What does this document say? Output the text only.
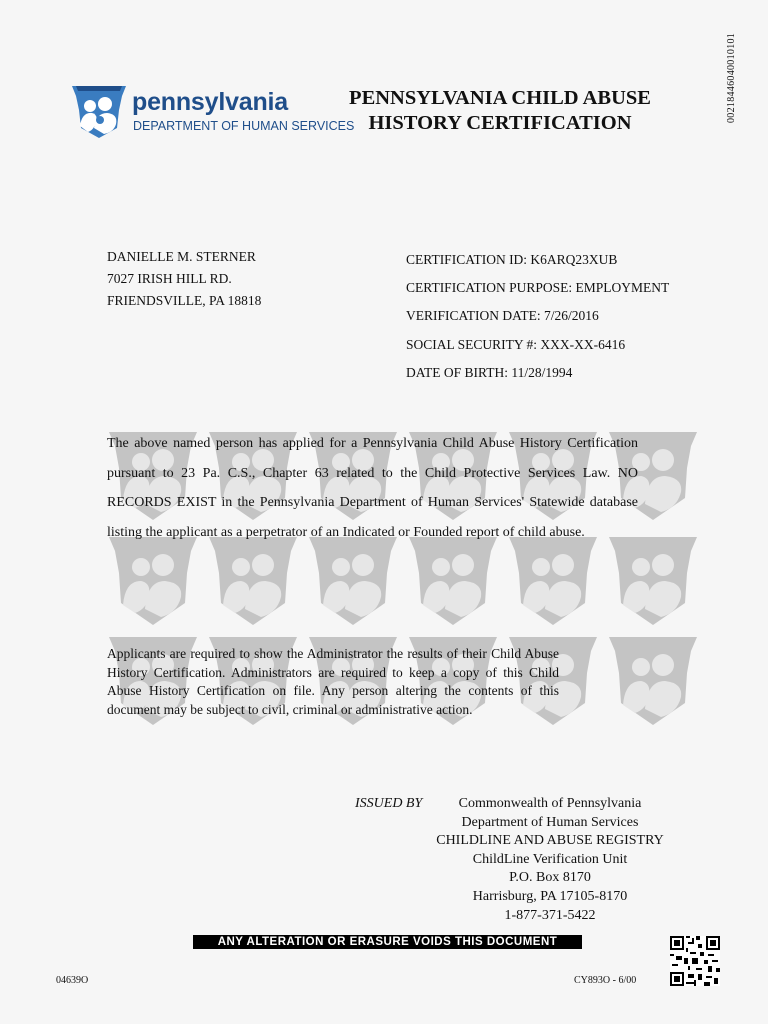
00218446040010101
pennsylvania
DEPARTMENT OF HUMAN SERVICES
PENNSYLVANIA CHILD ABUSE
HISTORY CERTIFICATION
DANIELLE M. STERNER
7027 IRISH HILL RD.
FRIENDSVILLE, PA 18818
CERTIFICATION ID: K6ARQ23XUB
CERTIFICATION PURPOSE: EMPLOYMENT
VERIFICATION DATE: 7/26/2016
SOCIAL SECURITY #: XXX-XX-6416
DATE OF BIRTH: 11/28/1994
The above named person has applied for a Pennsylvania Child Abuse History Certification pursuant to 23 Pa. C.S., Chapter 63 related to the Child Protective Services Law. NO RECORDS EXIST in the Pennsylvania Department of Human Services' Statewide database listing the applicant as a perpetrator of an Indicated or Founded report of child abuse.
Applicants are required to show the Administrator the results of their Child Abuse History Certification. Administrators are required to keep a copy of this Child Abuse History Certification on file. Any person altering the contents of this document may be subject to civil, criminal or administrative action.
ISSUED BY	Commonwealth of Pennsylvania
Department of Human Services
CHILDLINE AND ABUSE REGISTRY
ChildLine Verification Unit
P.O. Box 8170
Harrisburg, PA 17105-8170
1-877-371-5422
ANY ALTERATION OR ERASURE VOIDS THIS DOCUMENT
04639O	CY893O - 6/00
